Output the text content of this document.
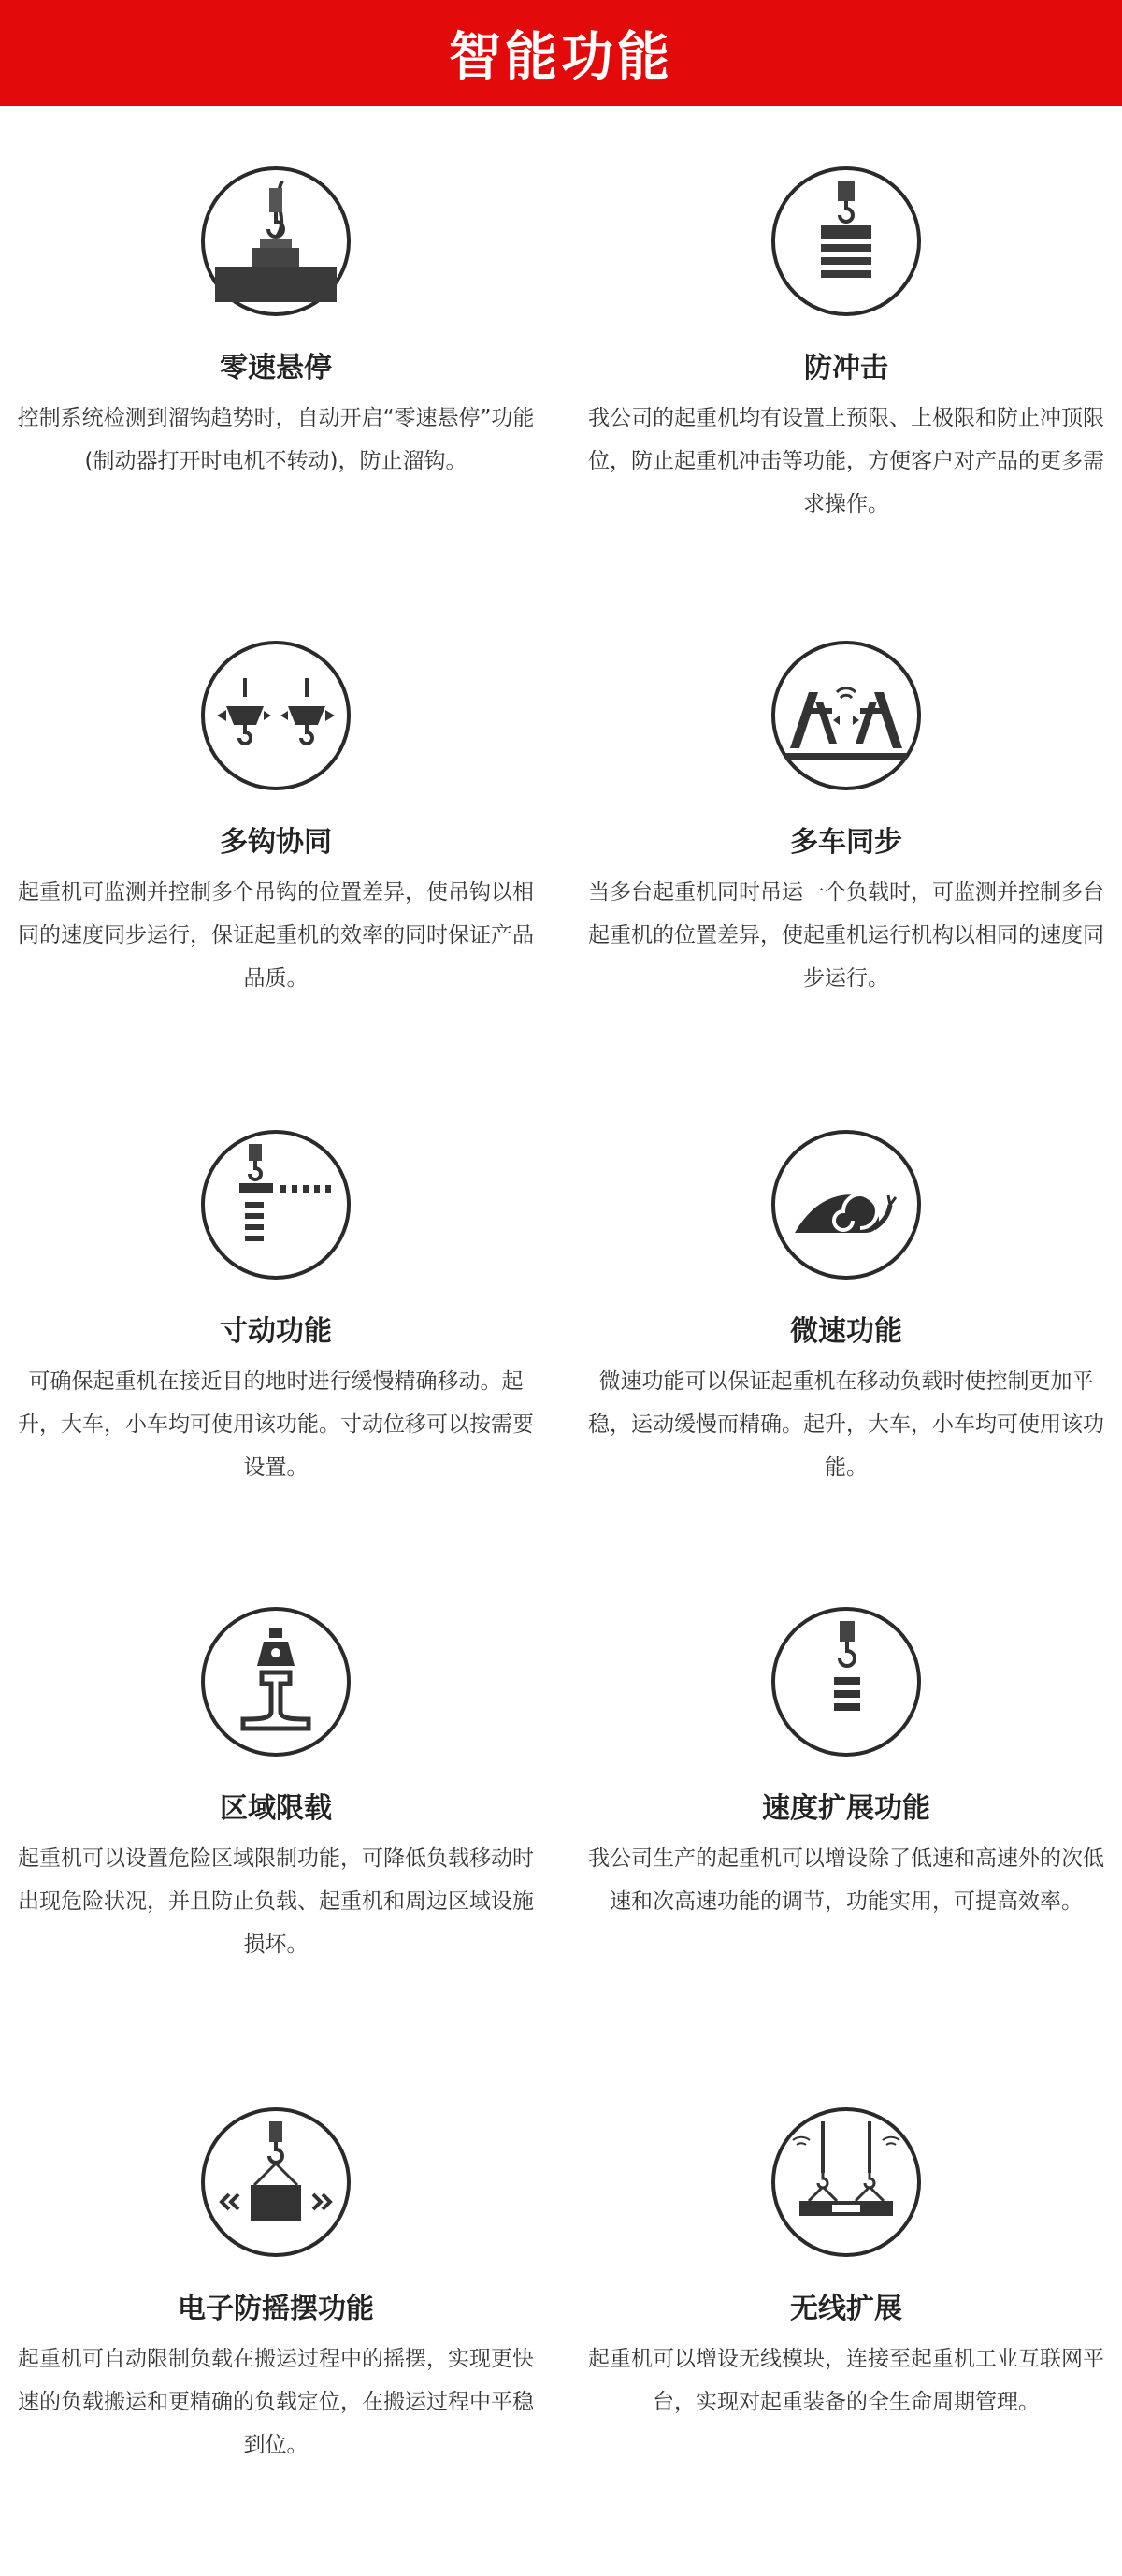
智能功能
零速悬停
控制系统检测到溜钩趋势时，自动开启“零速悬停”功能(制动器打开时电机不转动)，防止溜钩。
防冲击
我公司的起重机均有设置上预限、上极限和防止冲顶限位，防止起重机冲击等功能，方便客户对产品的更多需求操作。
多钩协同
起重机可监测并控制多个吊钩的位置差异，使吊钩以相同的速度同步运行，保证起重机的效率的同时保证产品品质。
多车同步
当多台起重机同时吊运一个负载时，可监测并控制多台起重机的位置差异，使起重机运行机构以相同的速度同步运行。
寸动功能
可确保起重机在接近目的地时进行缓慢精确移动。起升，大车，小车均可使用该功能。寸动位移可以按需要设置。
微速功能
微速功能可以保证起重机在移动负载时使控制更加平稳，运动缓慢而精确。起升，大车，小车均可使用该功能。
区域限载
起重机可以设置危险区域限制功能，可降低负载移动时出现危险状况，并且防止负载、起重机和周边区域设施损坏。
速度扩展功能
我公司生产的起重机可以增设除了低速和高速外的次低速和次高速功能的调节，功能实用，可提高效率。
电子防摇摆功能
起重机可自动限制负载在搬运过程中的摇摆，实现更快速的负载搬运和更精确的负载定位，在搬运过程中平稳到位。
无线扩展
起重机可以增设无线模块，连接至起重机工业互联网平台，实现对起重装备的全生命周期管理。
